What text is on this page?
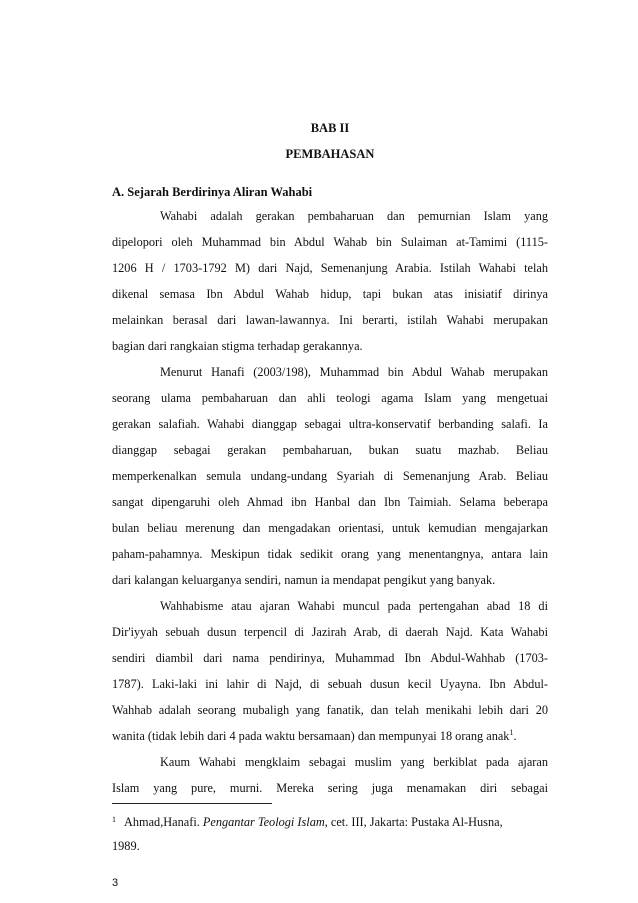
BAB II
PEMBAHASAN
A. Sejarah Berdirinya Aliran Wahabi
Wahabi adalah gerakan pembaharuan dan pemurnian Islam yang
dipelopori oleh Muhammad bin Abdul Wahab bin Sulaiman at-Tamimi (1115-
1206 H / 1703-1792 M) dari Najd, Semenanjung Arabia. Istilah Wahabi telah
dikenal semasa Ibn Abdul Wahab hidup, tapi bukan atas inisiatif dirinya
melainkan berasal dari lawan-lawannya. Ini berarti, istilah Wahabi merupakan
bagian dari rangkaian stigma terhadap gerakannya.
Menurut Hanafi (2003/198), Muhammad bin Abdul Wahab merupakan
seorang ulama pembaharuan dan ahli teologi agama Islam yang mengetuai
gerakan salafiah. Wahabi dianggap sebagai ultra-konservatif berbanding salafi. Ia
dianggap sebagai gerakan pembaharuan, bukan suatu mazhab. Beliau
memperkenalkan semula undang-undang Syariah di Semenanjung Arab. Beliau
sangat dipengaruhi oleh Ahmad ibn Hanbal dan Ibn Taimiah. Selama beberapa
bulan beliau merenung dan mengadakan orientasi, untuk kemudian mengajarkan
paham-pahamnya. Meskipun tidak sedikit orang yang menentangnya, antara lain
dari kalangan keluarganya sendiri, namun ia mendapat pengikut yang banyak.
Wahhabisme atau ajaran Wahabi muncul pada pertengahan abad 18 di
Dir'iyyah sebuah dusun terpencil di Jazirah Arab, di daerah Najd. Kata Wahabi
sendiri diambil dari nama pendirinya, Muhammad Ibn Abdul-Wahhab (1703-
1787). Laki-laki ini lahir di Najd, di sebuah dusun kecil Uyayna. Ibn Abdul-
Wahhab adalah seorang mubaligh yang fanatik, dan telah menikahi lebih dari 20
wanita (tidak lebih dari 4 pada waktu bersamaan) dan mempunyai 18 orang anak$^1$.
Kaum Wahabi mengklaim sebagai muslim yang berkiblat pada ajaran
Islam yang pure, murni. Mereka sering juga menamakan diri sebagai
$^1$ Ahmad,Hanafi. Pengantar Teologi Islam, cet. III, Jakarta: Pustaka Al-Husna,
1989.
3
